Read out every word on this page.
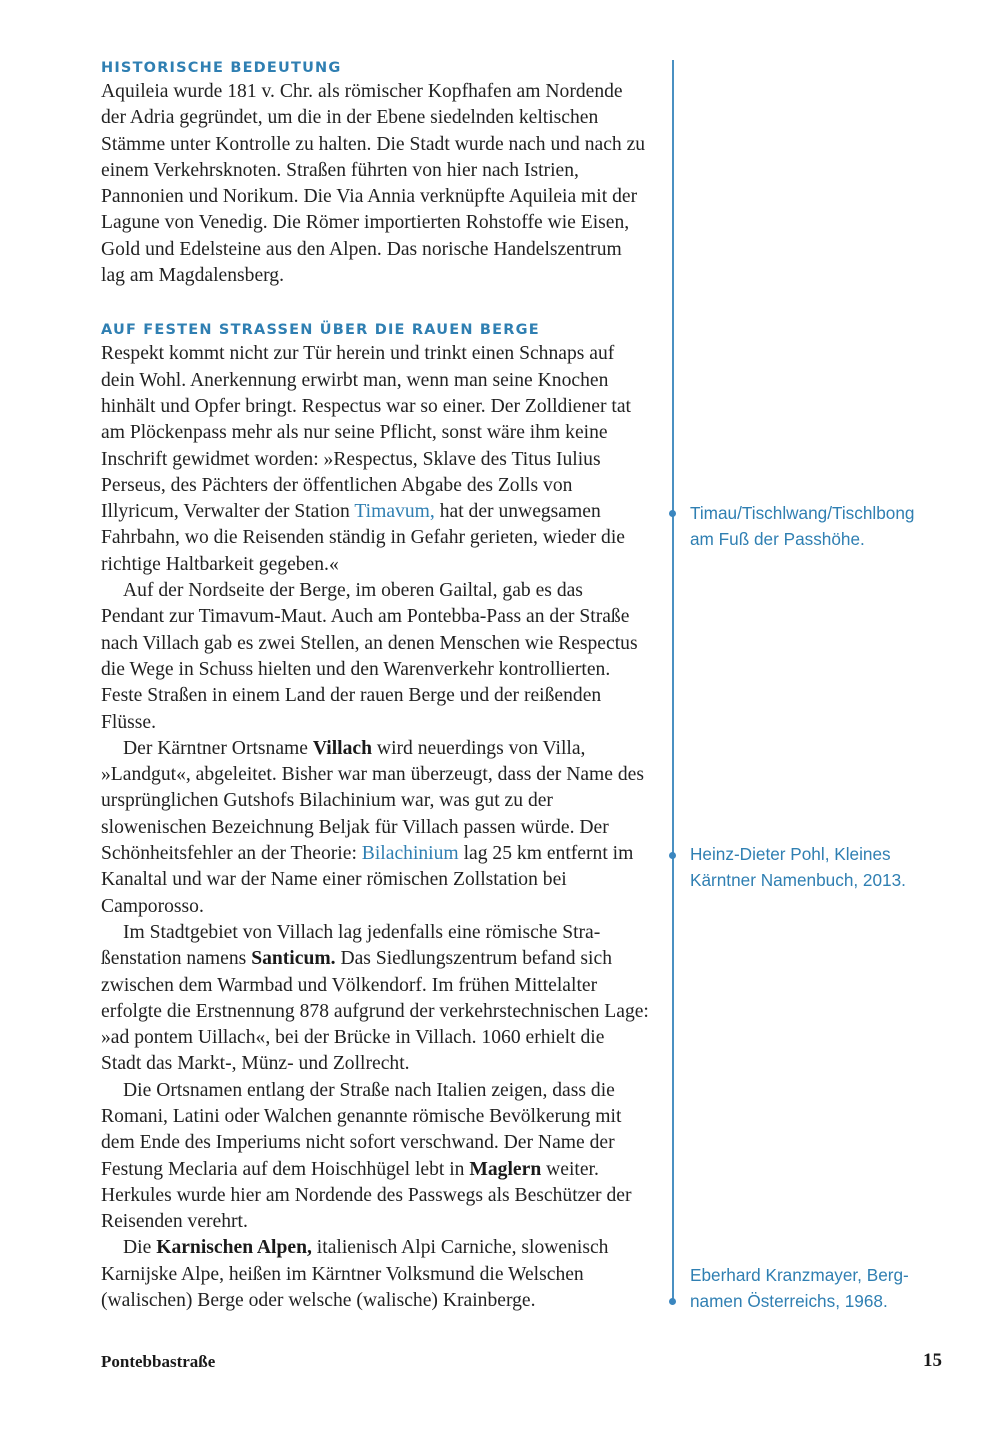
HISTORISCHE BEDEUTUNG

Aquileia wurde 181 v. Chr. als römischer Kopfhafen am Nordende der Adria gegründet, um die in der Ebene siedelnden keltischen Stämme unter Kontrolle zu halten. Die Stadt wurde nach und nach zu einem Verkehrsknoten. Straßen führten von hier nach Istrien, Pannonien und Norikum. Die Via Annia verknüpfte Aquileia mit der Lagune von Venedig. Die Römer importierten Rohstoffe wie Eisen, Gold und Edelsteine aus den Alpen. Das norische Handelszentrum lag am Magdalensberg.

AUF FESTEN STRASSEN ÜBER DIE RAUEN BERGE

Respekt kommt nicht zur Tür herein und trinkt einen Schnaps auf dein Wohl. Anerkennung erwirbt man, wenn man seine Knochen hinhält und Opfer bringt. Respectus war so einer. Der Zolldiener tat am Plöckenpass mehr als nur seine Pflicht, sonst wäre ihm keine Inschrift gewidmet worden: »Respectus, Sklave des Titus Iulius Perseus, des Pächters der öffentlichen Abgabe des Zolls von Illyricum, Verwalter der Station Timavum, hat der unwegsamen Fahrbahn, wo die Reisenden ständig in Gefahr gerieten, wieder die richtige Haltbarkeit gegeben.«

Auf der Nordseite der Berge, im oberen Gailtal, gab es das Pendant zur Timavum-Maut. Auch am Pontebba-Pass an der Straße nach Villach gab es zwei Stellen, an denen Menschen wie Respectus die Wege in Schuss hielten und den Warenverkehr kontrollierten. Feste Straßen in einem Land der rauen Berge und der reißenden Flüsse.

Der Kärntner Ortsname Villach wird neuerdings von Villa, »Landgut«, abgeleitet. Bisher war man überzeugt, dass der Name des ursprünglichen Gutshofs Bilachinium war, was gut zu der slowenischen Bezeichnung Beljak für Villach passen würde. Der Schönheitsfehler an der Theorie: Bilachinium lag 25 km entfernt im Kanaltal und war der Name einer römischen Zollstation bei Camporosso.

Im Stadtgebiet von Villach lag jedenfalls eine römische Straßenstation namens Santicum. Das Siedlungszentrum befand sich zwischen dem Warmbad und Völkendorf. Im frühen Mittelalter erfolgte die Erstnennung 878 aufgrund der verkehrstechnischen Lage: »ad pontem Uillach«, bei der Brücke in Villach. 1060 erhielt die Stadt das Markt-, Münz- und Zollrecht.

Die Ortsnamen entlang der Straße nach Italien zeigen, dass die Romani, Latini oder Walchen genannte römische Bevölkerung mit dem Ende des Imperiums nicht sofort verschwand. Der Name der Festung Meclaria auf dem Hoischhügel lebt in Maglern weiter. Herkules wurde hier am Nordende des Passwegs als Beschützer der Reisenden verehrt.

Die Karnischen Alpen, italienisch Alpi Carniche, slowenisch Karnijske Alpe, heißen im Kärntner Volksmund die Welschen (walischen) Berge oder welsche (walische) Krainberge.

Timau/Tischlwang/Tischlbong
am Fuß der Passhöhe.
Heinz-Dieter Pohl, Kleines
Kärntner Namenbuch, 2013.
Eberhard Kranzmayer, Berg-
namen Österreichs, 1968.
Pontebbastraße	15
